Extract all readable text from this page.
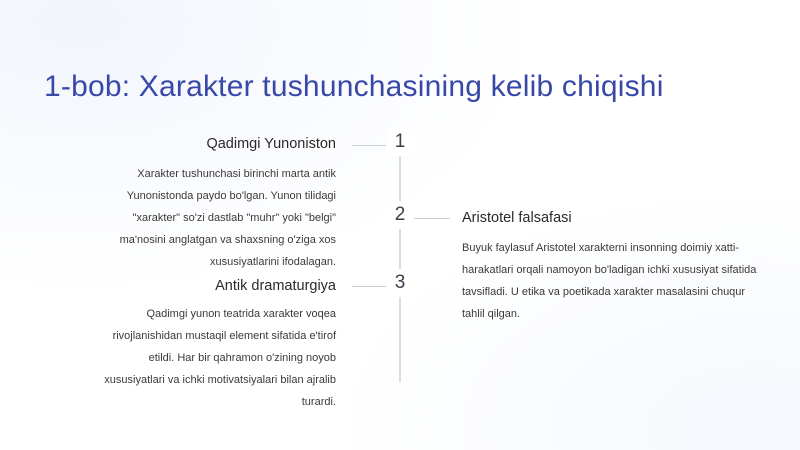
1-bob: Xarakter tushunchasining kelib chiqishi
1
Qadimgi Yunoniston

Xarakter tushunchasi birinchi marta antik Yunonistonda paydo bo'lgan. Yunon tilidagi "xarakter" so'zi dastlab "muhr" yoki "belgi" ma'nosini anglatgan va shaxsning o'ziga xos xususiyatlarini ifodalagan.

2	Aristotel falsafasi

Buyuk faylasuf Aristotel xarakterni insonning doimiy xatti-harakatlari orqali namoyon bo'ladigan ichki xususiyat sifatida tavsifladi. U etika va poetikada xarakter masalasini chuqur tahlil qilgan.

3
Antik dramaturgiya

Qadimgi yunon teatrida xarakter voqea rivojlanishidan mustaqil element sifatida e'tirof etildi. Har bir qahramon o'zining noyob xususiyatlari va ichki motivatsiyalari bilan ajralib turardi.
